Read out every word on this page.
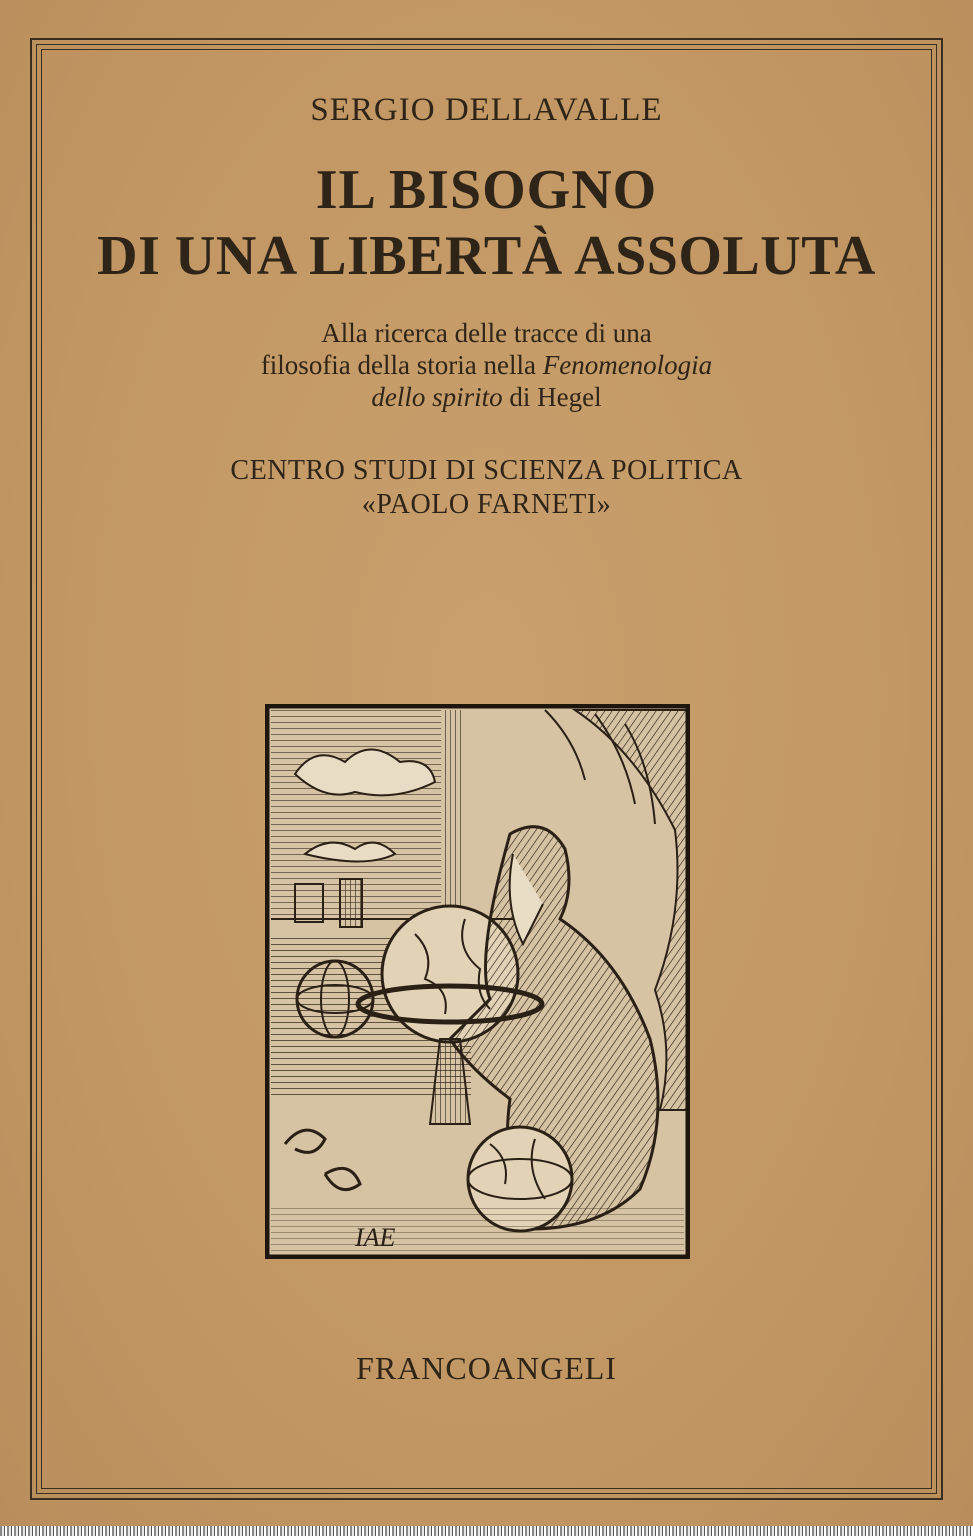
SERGIO DELLAVALLE

IL BISOGNO

DI UNA LIBERTÀ ASSOLUTA

Alla ricerca delle tracce di una

filosofia della storia nella Fenomenologia

dello spirito di Hegel

CENTRO STUDI DI SCIENZA POLITICA

«PAOLO FARNETI»

IAE

FRANCOANGELI
